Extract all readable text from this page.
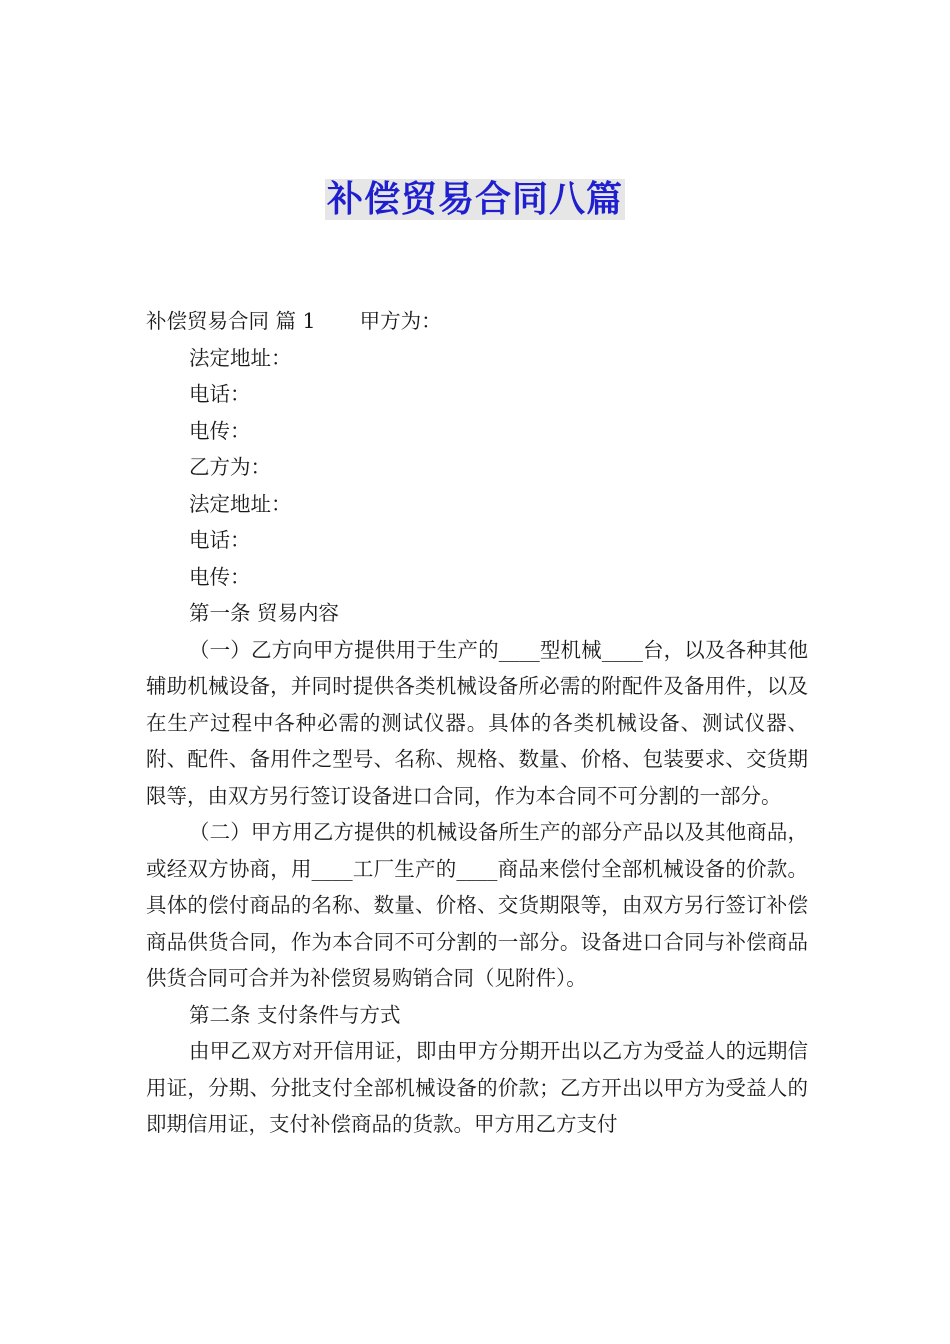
补偿贸易合同八篇

补偿贸易合同 篇 1 甲方为：

法定地址：

电话：

电传：

乙方为：

法定地址：

电话：

电传：

第一条 贸易内容

（一）乙方向甲方提供用于生产的____型机械____台，以及各种其他辅助机械设备，并同时提供各类机械设备所必需的附配件及备用件，以及在生产过程中各种必需的测试仪器。具体的各类机械设备、测试仪器、附、配件、备用件之型号、名称、规格、数量、价格、包装要求、交货期限等，由双方另行签订设备进口合同，作为本合同不可分割的一部分。

（二）甲方用乙方提供的机械设备所生产的部分产品以及其他商品，或经双方协商，用____工厂生产的____商品来偿付全部机械设备的价款。具体的偿付商品的名称、数量、价格、交货期限等，由双方另行签订补偿商品供货合同，作为本合同不可分割的一部分。设备进口合同与补偿商品供货合同可合并为补偿贸易购销合同（见附件）。

第二条 支付条件与方式

由甲乙双方对开信用证，即由甲方分期开出以乙方为受益人的远期信用证，分期、分批支付全部机械设备的价款；乙方开出以甲方为受益人的即期信用证，支付补偿商品的货款。甲方用乙方支付
